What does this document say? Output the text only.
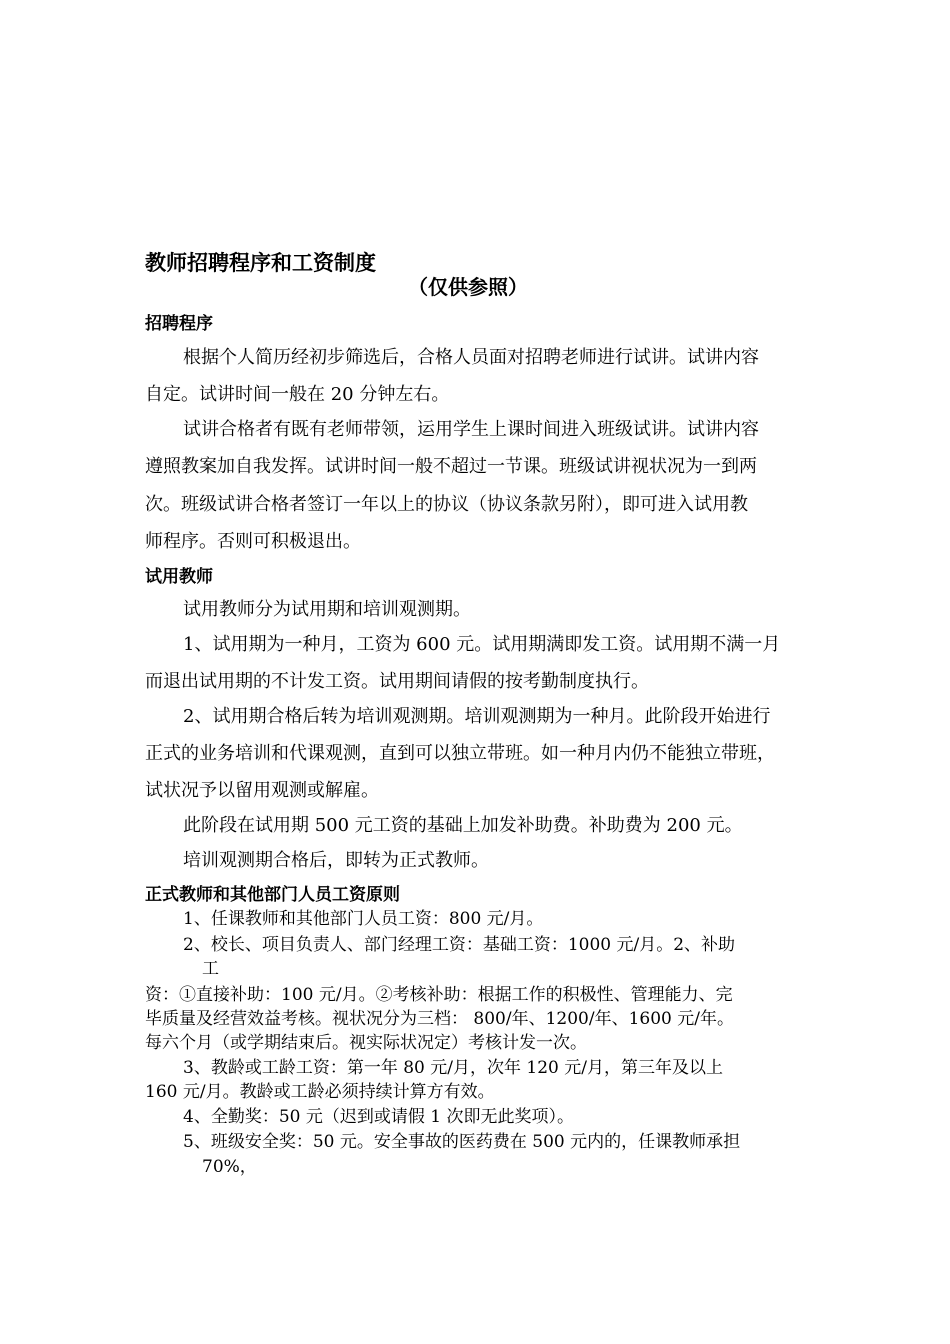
教师招聘程序和工资制度
（仅供参照）
招聘程序
根据个人简历经初步筛选后，合格人员面对招聘老师进行试讲。试讲内容
自定。试讲时间一般在 20 分钟左右。
试讲合格者有既有老师带领，运用学生上课时间进入班级试讲。试讲内容
遵照教案加自我发挥。试讲时间一般不超过一节课。班级试讲视状况为一到两
次。班级试讲合格者签订一年以上的协议（协议条款另附），即可进入试用教
师程序。否则可积极退出。
试用教师
试用教师分为试用期和培训观测期。
1、试用期为一种月，工资为 600 元。试用期满即发工资。试用期不满一月
而退出试用期的不计发工资。试用期间请假的按考勤制度执行。
2、试用期合格后转为培训观测期。培训观测期为一种月。此阶段开始进行
正式的业务培训和代课观测，直到可以独立带班。如一种月内仍不能独立带班，
试状况予以留用观测或解雇。
此阶段在试用期 500 元工资的基础上加发补助费。补助费为 200 元。
培训观测期合格后，即转为正式教师。
正式教师和其他部门人员工资原则
1、任课教师和其他部门人员工资：800 元/月。
2、校长、项目负责人、部门经理工资：基础工资：1000 元/月。2、补助
工
资：①直接补助：100 元/月。②考核补助：根据工作的积极性、管理能力、完
毕质量及经营效益考核。视状况分为三档： 800/年、1200/年、1600 元/年。
每六个月（或学期结束后。视实际状况定）考核计发一次。
3、教龄或工龄工资：第一年 80 元/月，次年 120 元/月，第三年及以上
160 元/月。教龄或工龄必须持续计算方有效。
4、全勤奖：50 元（迟到或请假 1 次即无此奖项）。
5、班级安全奖：50 元。安全事故的医药费在 500 元内的，任课教师承担
70%，
